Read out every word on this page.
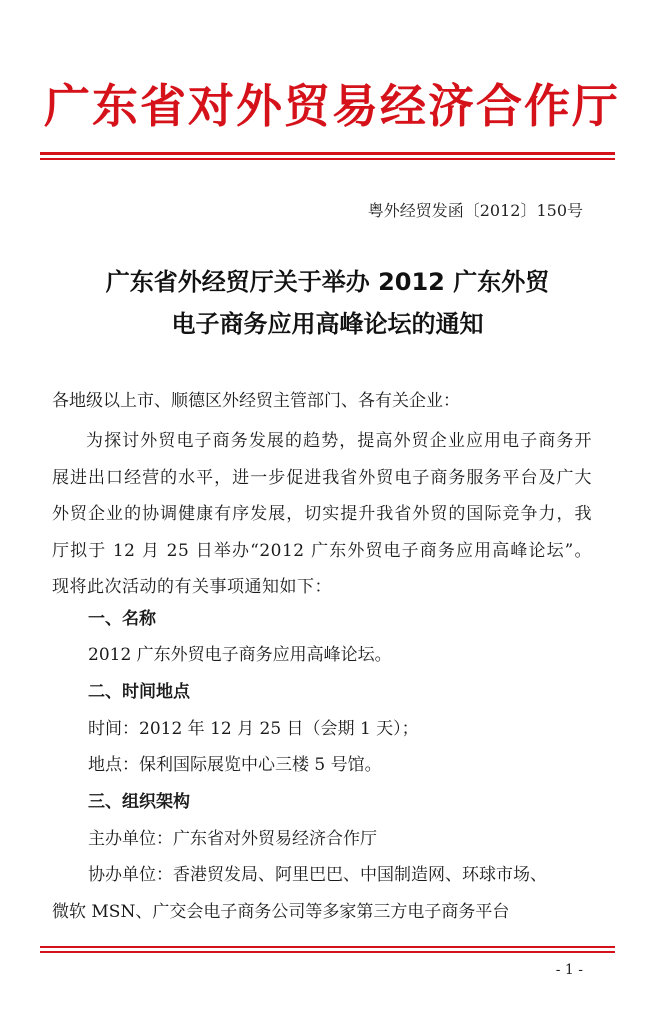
广东省对外贸易经济合作厅
粤外经贸发函〔2012〕150号
广东省外经贸厅关于举办 2012 广东外贸
电子商务应用高峰论坛的通知
各地级以上市、顺德区外经贸主管部门、各有关企业：
为探讨外贸电子商务发展的趋势，提高外贸企业应用电子商务开展进出口经营的水平，进一步促进我省外贸电子商务服务平台及广大外贸企业的协调健康有序发展，切实提升我省外贸的国际竞争力，我厅拟于 12 月 25 日举办“2012 广东外贸电子商务应用高峰论坛”。现将此次活动的有关事项通知如下：
一、名称
2012 广东外贸电子商务应用高峰论坛。
二、时间地点
时间：2012 年 12 月 25 日（会期 1 天）；
地点：保利国际展览中心三楼 5 号馆。
三、组织架构
主办单位：广东省对外贸易经济合作厅
协办单位：香港贸发局、阿里巴巴、中国制造网、环球市场、
微软 MSN、广交会电子商务公司等多家第三方电子商务平台
- 1 -
